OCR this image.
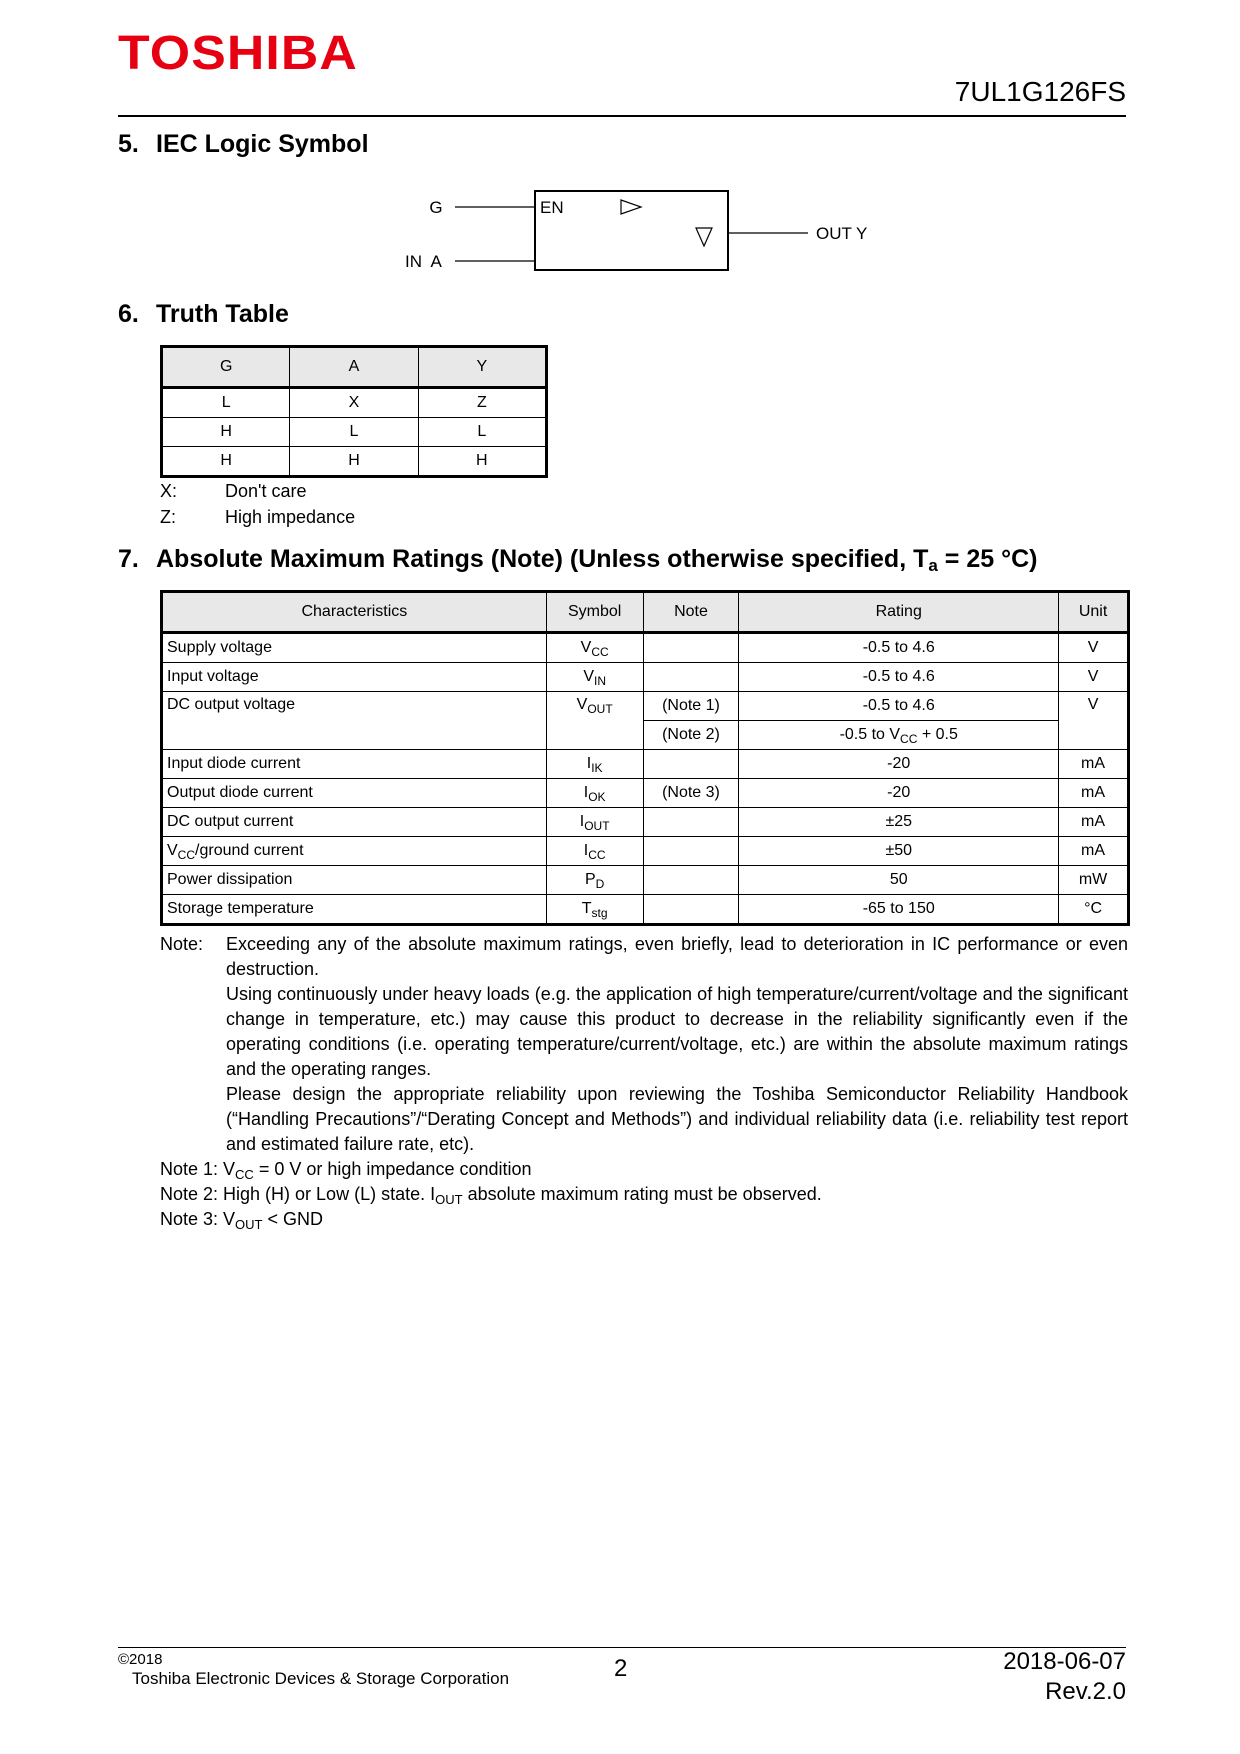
TOSHIBA
7UL1G126FS
5. IEC Logic Symbol
G
IN  A
EN
OUT Y
6. Truth Table
G	A	Y
L	X	Z
H	L	L
H	H	H
X:	Don't care
Z:	High impedance
7. Absolute Maximum Ratings (Note) (Unless otherwise specified, $T_a = 25$ °C)
Characteristics	Symbol	Note	Rating	Unit
Supply voltage	$V_{CC}$		-0.5 to 4.6	V
Input voltage	$V_{IN}$		-0.5 to 4.6	V
DC output voltage	$V_{OUT}$	(Note 1)	-0.5 to 4.6	V
		(Note 2)	-0.5 to $V_{CC} + 0.5$	
Input diode current	$I_{IK}$		-20	mA
Output diode current	$I_{OK}$	(Note 3)	-20	mA
DC output current	$I_{OUT}$		±25	mA
$V_{CC}$/ground current	$I_{CC}$		±50	mA
Power dissipation	$P_D$		50	mW
Storage temperature	$T_{stg}$		-65 to 150	°C
Note: Exceeding any of the absolute maximum ratings, even briefly, lead to deterioration in IC performance or even destruction.

Using continuously under heavy loads (e.g. the application of high temperature/current/voltage and the significant change in temperature, etc.) may cause this product to decrease in the reliability significantly even if the operating conditions (i.e. operating temperature/current/voltage, etc.) are within the absolute maximum ratings and the operating ranges.

Please design the appropriate reliability upon reviewing the Toshiba Semiconductor Reliability Handbook (“Handling Precautions”/“Derating Concept and Methods”) and individual reliability data (i.e. reliability test report and estimated failure rate, etc).

Note 1: $V_{CC} = 0$ V or high impedance condition
Note 2: High (H) or Low (L) state. $I_{OUT}$ absolute maximum rating must be observed.
Note 3: $V_{OUT}$ < GND
©2018
Toshiba Electronic Devices & Storage Corporation	2	2018-06-07
Rev.2.0
